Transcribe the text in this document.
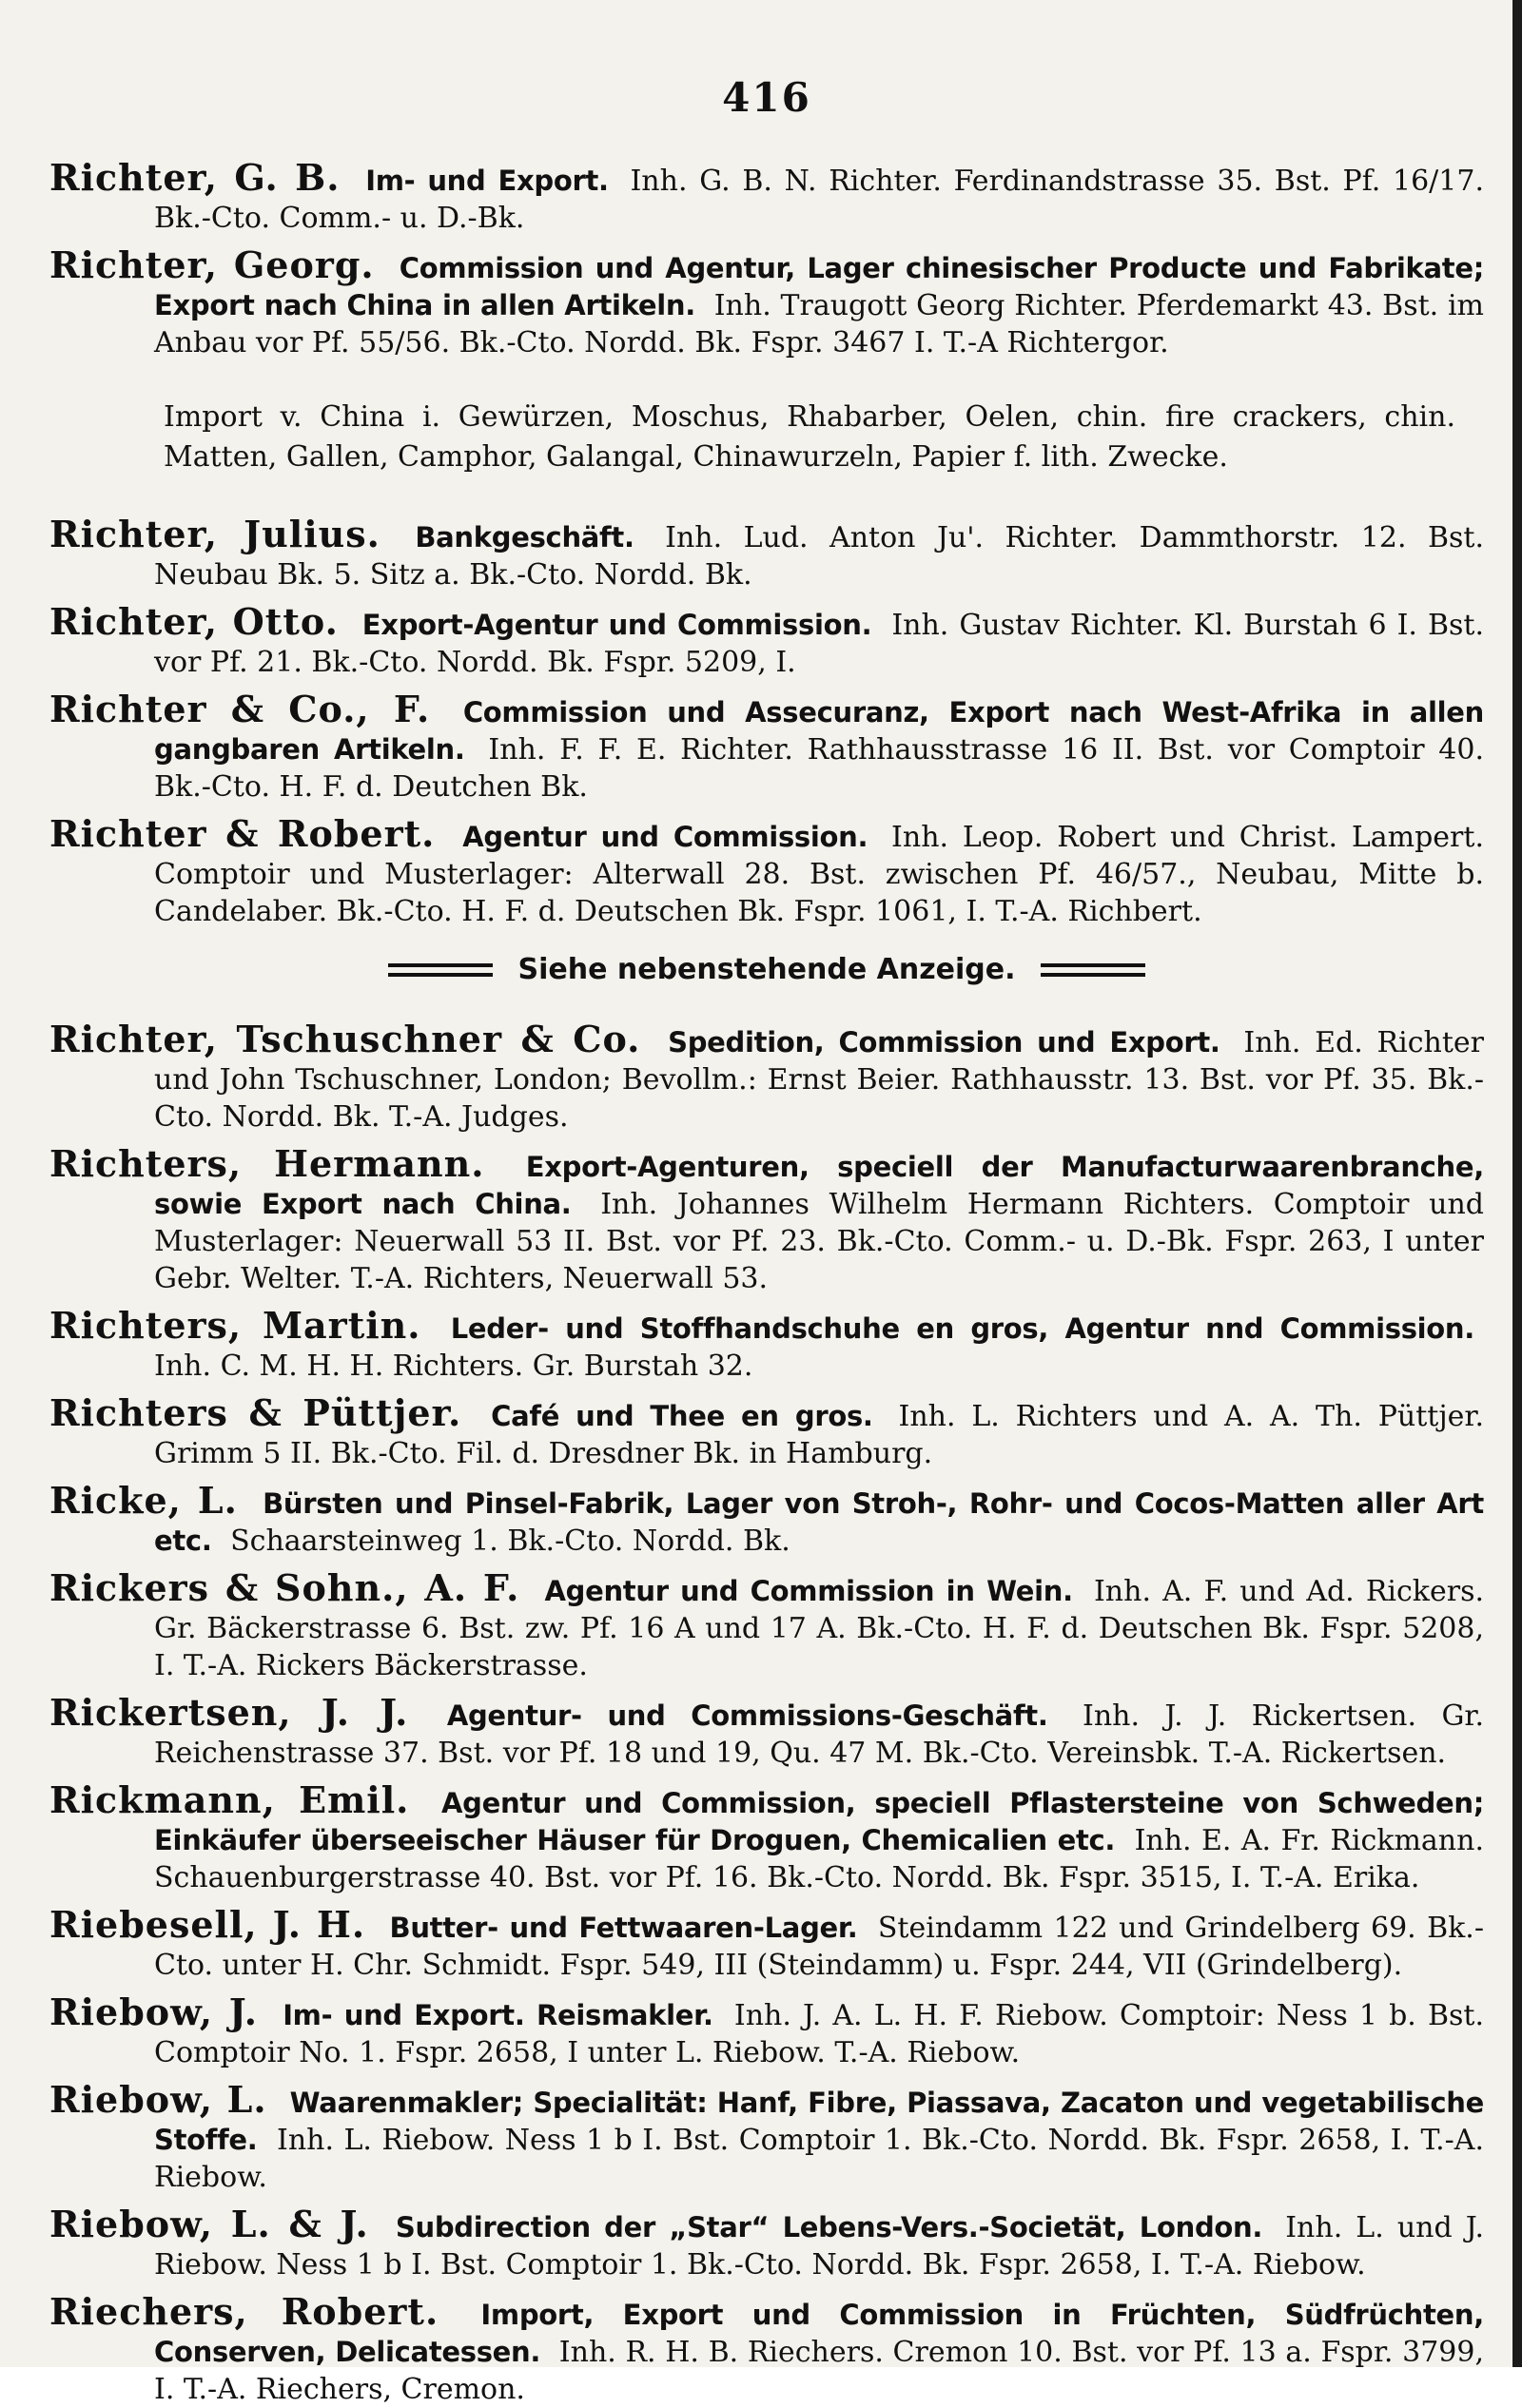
416
Richter, G. B. Im- und Export. Inh. G. B. N. Richter. Ferdinandstrasse 35. Bst. Pf. 16/17. Bk.-Cto. Comm.- u. D.-Bk.
Richter, Georg. Commission und Agentur, Lager chinesischer Producte und Fabrikate; Export nach China in allen Artikeln. Inh. Traugott Georg Richter. Pferdemarkt 43. Bst. im Anbau vor Pf. 55/56. Bk.-Cto. Nordd. Bk. Fspr. 3467 I. T.-A Richtergor.
Import v. China i. Gewürzen, Moschus, Rhabarber, Oelen, chin. fire crackers, chin. Matten, Gallen, Camphor, Galangal, Chinawurzeln, Papier f. lith. Zwecke.
Richter, Julius. Bankgeschäft. Inh. Lud. Anton Ju'. Richter. Dammthorstr. 12. Bst. Neubau Bk. 5. Sitz a. Bk.-Cto. Nordd. Bk.
Richter, Otto. Export-Agentur und Commission. Inh. Gustav Richter. Kl. Burstah 6 I. Bst. vor Pf. 21. Bk.-Cto. Nordd. Bk. Fspr. 5209, I.
Richter & Co., F. Commission und Assecuranz, Export nach West-Afrika in allen gangbaren Artikeln. Inh. F. F. E. Richter. Rathhausstrasse 16 II. Bst. vor Comptoir 40. Bk.-Cto. H. F. d. Deutchen Bk.
Richter & Robert. Agentur und Commission. Inh. Leop. Robert und Christ. Lampert. Comptoir und Musterlager: Alterwall 28. Bst. zwischen Pf. 46/57., Neubau, Mitte b. Candelaber. Bk.-Cto. H. F. d. Deutschen Bk. Fspr. 1061, I. T.-A. Richbert.
Siehe nebenstehende Anzeige.
Richter, Tschuschner & Co. Spedition, Commission und Export. Inh. Ed. Richter und John Tschuschner, London; Bevollm.: Ernst Beier. Rathhausstr. 13. Bst. vor Pf. 35. Bk.-Cto. Nordd. Bk. T.-A. Judges.
Richters, Hermann. Export-Agenturen, speciell der Manufacturwaarenbranche, sowie Export nach China. Inh. Johannes Wilhelm Hermann Richters. Comptoir und Musterlager: Neuerwall 53 II. Bst. vor Pf. 23. Bk.-Cto. Comm.- u. D.-Bk. Fspr. 263, I unter Gebr. Welter. T.-A. Richters, Neuerwall 53.
Richters, Martin. Leder- und Stoffhandschuhe en gros, Agentur nnd Commission. Inh. C. M. H. H. Richters. Gr. Burstah 32.
Richters & Püttjer. Café und Thee en gros. Inh. L. Richters und A. A. Th. Püttjer. Grimm 5 II. Bk.-Cto. Fil. d. Dresdner Bk. in Hamburg.
Ricke, L. Bürsten und Pinsel-Fabrik, Lager von Stroh-, Rohr- und Cocos-Matten aller Art etc. Schaarsteinweg 1. Bk.-Cto. Nordd. Bk.
Rickers & Sohn., A. F. Agentur und Commission in Wein. Inh. A. F. und Ad. Rickers. Gr. Bäckerstrasse 6. Bst. zw. Pf. 16 A und 17 A. Bk.-Cto. H. F. d. Deutschen Bk. Fspr. 5208, I. T.-A. Rickers Bäckerstrasse.
Rickertsen, J. J. Agentur- und Commissions-Geschäft. Inh. J. J. Rickertsen. Gr. Reichenstrasse 37. Bst. vor Pf. 18 und 19, Qu. 47 M. Bk.-Cto. Vereinsbk. T.-A. Rickertsen.
Rickmann, Emil. Agentur und Commission, speciell Pflastersteine von Schweden; Einkäufer überseeischer Häuser für Droguen, Chemicalien etc. Inh. E. A. Fr. Rickmann. Schauenburgerstrasse 40. Bst. vor Pf. 16. Bk.-Cto. Nordd. Bk. Fspr. 3515, I. T.-A. Erika.
Riebesell, J. H. Butter- und Fettwaaren-Lager. Steindamm 122 und Grindelberg 69. Bk.-Cto. unter H. Chr. Schmidt. Fspr. 549, III (Steindamm) u. Fspr. 244, VII (Grindelberg).
Riebow, J. Im- und Export. Reismakler. Inh. J. A. L. H. F. Riebow. Comptoir: Ness 1 b. Bst. Comptoir No. 1. Fspr. 2658, I unter L. Riebow. T.-A. Riebow.
Riebow, L. Waarenmakler; Specialität: Hanf, Fibre, Piassava, Zacaton und vegetabilische Stoffe. Inh. L. Riebow. Ness 1 b I. Bst. Comptoir 1. Bk.-Cto. Nordd. Bk. Fspr. 2658, I. T.-A. Riebow.
Riebow, L. & J. Subdirection der „Star“ Lebens-Vers.-Societät, London. Inh. L. und J. Riebow. Ness 1 b I. Bst. Comptoir 1. Bk.-Cto. Nordd. Bk. Fspr. 2658, I. T.-A. Riebow.
Riechers, Robert. Import, Export und Commission in Früchten, Südfrüchten, Conserven, Delicatessen. Inh. R. H. B. Riechers. Cremon 10. Bst. vor Pf. 13 a. Fspr. 3799, I. T.-A. Riechers, Cremon.
